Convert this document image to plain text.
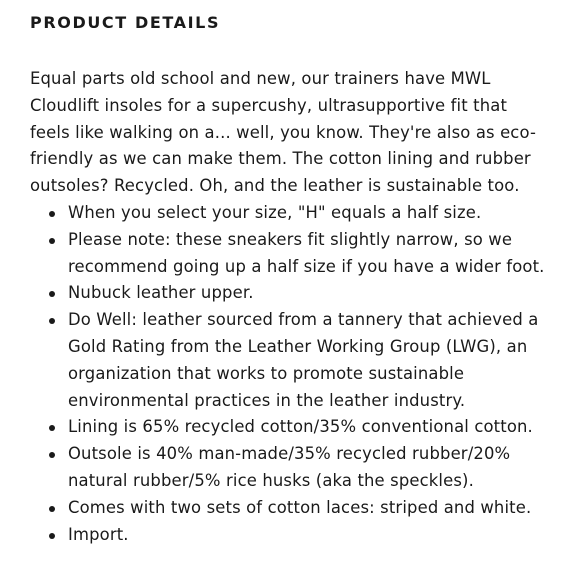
PRODUCT DETAILS

Equal parts old school and new, our trainers have MWL Cloudlift insoles for a supercushy, ultrasupportive fit that feels like walking on a... well, you know. They're also as eco-friendly as we can make them. The cotton lining and rubber outsoles? Recycled. Oh, and the leather is sustainable too.

When you select your size, "H" equals a half size.
Please note: these sneakers fit slightly narrow, so we recommend going up a half size if you have a wider foot.
Nubuck leather upper.
Do Well: leather sourced from a tannery that achieved a Gold Rating from the Leather Working Group (LWG), an organization that works to promote sustainable environmental practices in the leather industry.
Lining is 65% recycled cotton/35% conventional cotton.
Outsole is 40% man-made/35% recycled rubber/20% natural rubber/5% rice husks (aka the speckles).
Comes with two sets of cotton laces: striped and white.
Import.
